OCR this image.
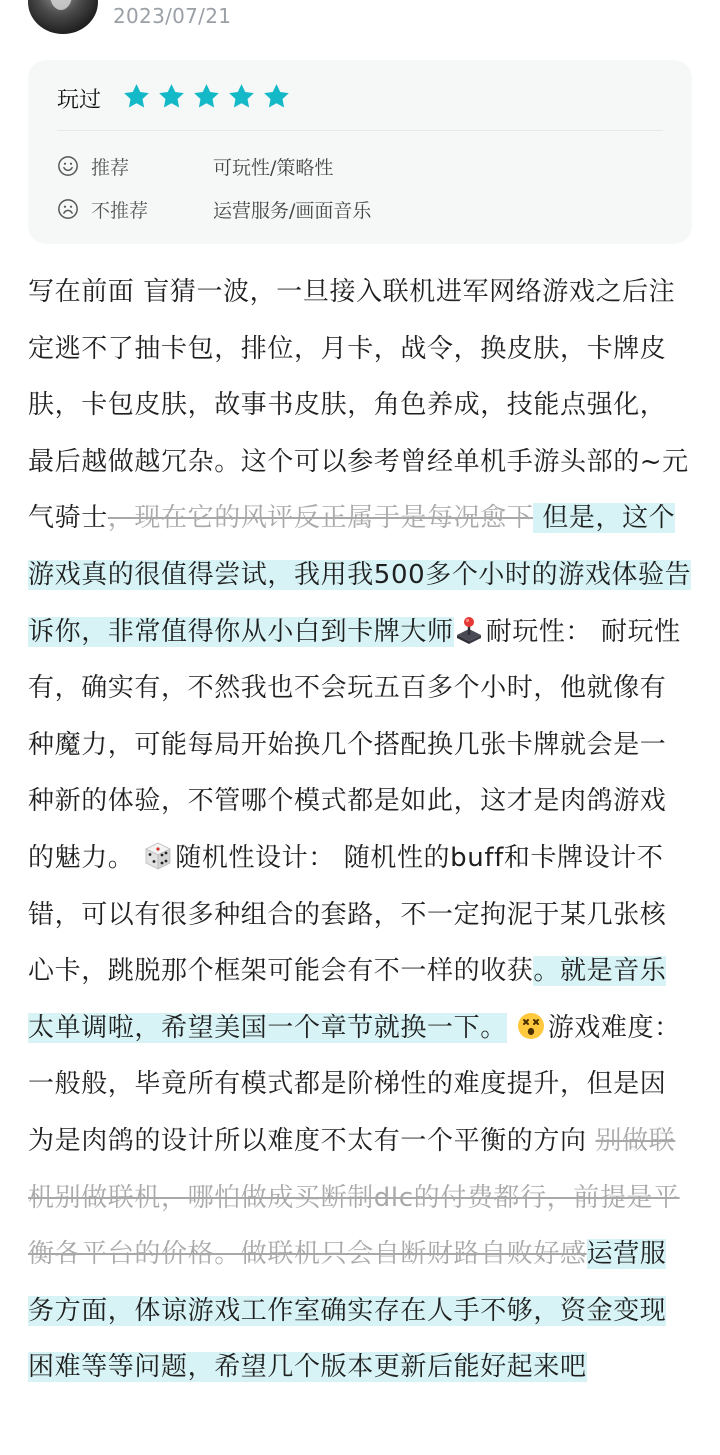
2023/07/21
玩过
推荐	可玩性/策略性
不推荐	运营服务/画面音乐

写在前面 盲猜一波，一旦接入联机进军网络游戏之后注定逃不了抽卡包，排位，月卡，战令，换皮肤，卡牌皮肤，卡包皮肤，故事书皮肤，角色养成，技能点强化，最后越做越冗杂。这个可以参考曾经单机手游头部的~元气骑士，现在它的风评反正属于是每况愈下 但是，这个游戏真的很值得尝试，我用我500多个小时的游戏体验告诉你，非常值得你从小白到卡牌大师 耐玩性： 耐玩性有，确实有，不然我也不会玩五百多个小时，他就像有种魔力，可能每局开始换几个搭配换几张卡牌就会是一种新的体验，不管哪个模式都是如此，这才是肉鸽游戏的魅力。 随机性设计： 随机性的buff和卡牌设计不错，可以有很多种组合的套路，不一定拘泥于某几张核心卡，跳脱那个框架可能会有不一样的收获。就是音乐太单调啦，希望美国一个章节就换一下。 游戏难度： 一般般，毕竟所有模式都是阶梯性的难度提升，但是因为是肉鸽的设计所以难度不太有一个平衡的方向 别做联机别做联机，哪怕做成买断制dlc的付费都行，前提是平衡各平台的价格。做联机只会自断财路自败好感运营服务方面，体谅游戏工作室确实存在人手不够，资金变现困难等等问题，希望几个版本更新后能好起来吧
